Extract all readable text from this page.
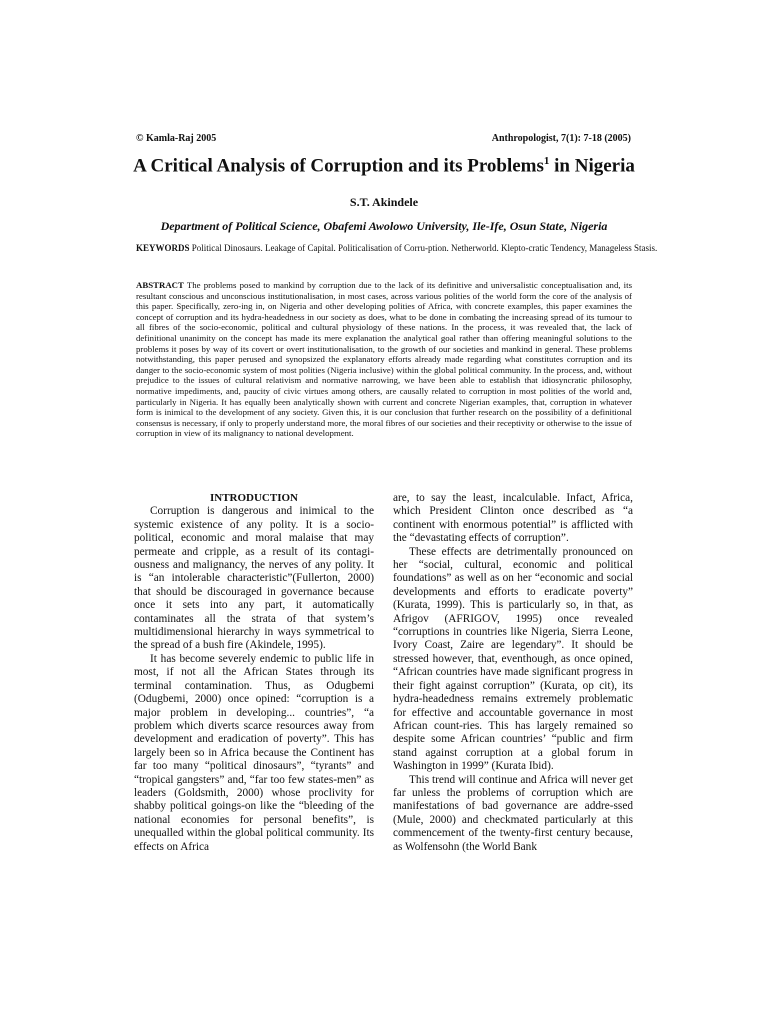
© Kamla-Raj 2005	Anthropologist, 7(1): 7-18 (2005)
A Critical Analysis of Corruption and its Problems$^1$ in Nigeria
S.T. Akindele
Department of Political Science, Obafemi Awolowo University, Ile-Ife, Osun State, Nigeria
KEYWORDS Political Dinosaurs. Leakage of Capital. Politicalisation of Corru-ption. Netherworld. Klepto-cratic Tendency, Manageless Stasis.
ABSTRACT The problems posed to mankind by corruption due to the lack of its definitive and universalistic conceptualisation and, its resultant conscious and unconscious institutionalisation, in most cases, across various polities of the world form the core of the analysis of this paper. Specifically, zero-ing in, on Nigeria and other developing polities of Africa, with concrete examples, this paper examines the concept of corruption and its hydra-headedness in our society as does, what to be done in combating the increasing spread of its tumour to all fibres of the socio-economic, political and cultural physiology of these nations. In the process, it was revealed that, the lack of definitional unanimity on the concept has made its mere explanation the analytical goal rather than offering meaningful solutions to the problems it poses by way of its covert or overt institutionalisation, to the growth of our societies and mankind in general. These problems notwithstanding, this paper perused and synopsized the explanatory efforts already made regarding what constitutes corruption and its danger to the socio-economic system of most polities (Nigeria inclusive) within the global political community. In the process, and, without prejudice to the issues of cultural relativism and normative narrowing, we have been able to establish that idiosyncratic philosophy, normative impediments, and, paucity of civic virtues among others, are causally related to corruption in most polities of the world and, particularly in Nigeria. It has equally been analytically shown with current and concrete Nigerian examples, that, corruption in whatever form is inimical to the development of any society. Given this, it is our conclusion that further research on the possibility of a definitional consensus is necessary, if only to properly understand more, the moral fibres of our societies and their receptivity or otherwise to the issue of corruption in view of its malignancy to national development.

INTRODUCTION

Corruption is dangerous and inimical to the systemic existence of any polity. It is a socio-political, economic and moral malaise that may permeate and cripple, as a result of its contagi-ousness and malignancy, the nerves of any polity. It is “an intolerable characteristic”(Fullerton, 2000) that should be discouraged in governance because once it sets into any part, it automatically contaminates all the strata of that system’s multidimensional hierarchy in ways symmetrical to the spread of a bush fire (Akindele, 1995).

It has become severely endemic to public life in most, if not all the African States through its terminal contamination. Thus, as Odugbemi (Odugbemi, 2000) once opined: “corruption is a major problem in developing... countries”, “a problem which diverts scarce resources away from development and eradication of poverty”. This has largely been so in Africa because the Continent has far too many “political dinosaurs”, “tyrants” and “tropical gangsters” and, “far too few states-men” as leaders (Goldsmith, 2000) whose proclivity for shabby political goings-on like the “bleeding of the national economies for personal benefits”, is unequalled within the global political community. Its effects on Africa

are, to say the least, incalculable. Infact, Africa, which President Clinton once described as “a continent with enormous potential” is afflicted with the “devastating effects of corruption”.

These effects are detrimentally pronounced on her “social, cultural, economic and political foundations” as well as on her “economic and social developments and efforts to eradicate poverty” (Kurata, 1999). This is particularly so, in that, as Afrigov (AFRIGOV, 1995) once revealed “corruptions in countries like Nigeria, Sierra Leone, Ivory Coast, Zaire are legendary”. It should be stressed however, that, eventhough, as once opined, “African countries have made significant progress in their fight against corruption” (Kurata, op cit), its hydra-headedness remains extremely problematic for effective and accountable governance in most African count-ries. This has largely remained so despite some African countries’ “public and firm stand against corruption at a global forum in Washington in 1999” (Kurata Ibid).

This trend will continue and Africa will never get far unless the problems of corruption which are manifestations of bad governance are addre-ssed (Mule, 2000) and checkmated particularly at this commencement of the twenty-first century because, as Wolfensohn (the World Bank
